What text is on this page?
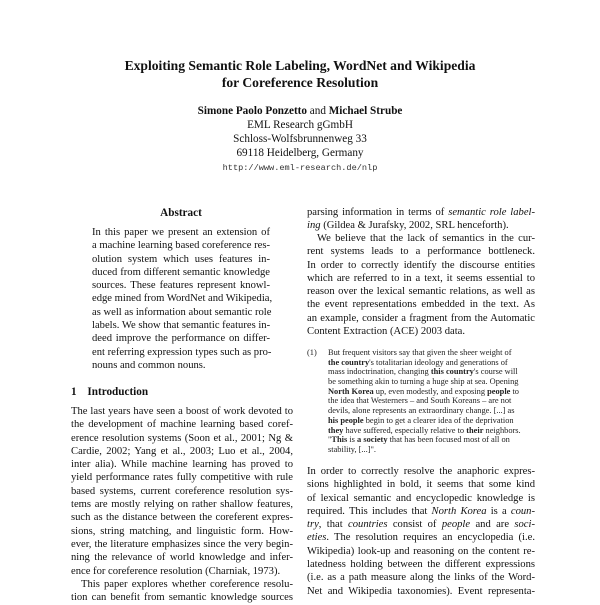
Exploiting Semantic Role Labeling, WordNet and Wikipedia
for Coreference Resolution
Simone Paolo Ponzetto and Michael Strube
EML Research gGmbH
Schloss-Wolfsbrunnenweg 33
69118 Heidelberg, Germany
http://www.eml-research.de/nlp
Abstract
In this paper we present an extension of
a machine learning based coreference res-
olution system which uses features in-
duced from different semantic knowledge
sources. These features represent knowl-
edge mined from WordNet and Wikipedia,
as well as information about semantic role
labels. We show that semantic features in-
deed improve the performance on differ-
ent referring expression types such as pro-
nouns and common nouns.
1 Introduction
The last years have seen a boost of work devoted to
the development of machine learning based coref-
erence resolution systems (Soon et al., 2001; Ng &
Cardie, 2002; Yang et al., 2003; Luo et al., 2004,
inter alia). While machine learning has proved to
yield performance rates fully competitive with rule
based systems, current coreference resolution sys-
tems are mostly relying on rather shallow features,
such as the distance between the coreferent expres-
sions, string matching, and linguistic form. How-
ever, the literature emphasizes since the very begin-
ning the relevance of world knowledge and infer-
ence for coreference resolution (Charniak, 1973).
This paper explores whether coreference resolu-
tion can benefit from semantic knowledge sources
parsing information in terms of semantic role label-
ing (Gildea & Jurafsky, 2002, SRL henceforth).
We believe that the lack of semantics in the cur-
rent systems leads to a performance bottleneck.
In order to correctly identify the discourse entities
which are referred to in a text, it seems essential to
reason over the lexical semantic relations, as well as
the event representations embedded in the text. As
an example, consider a fragment from the Automatic
Content Extraction (ACE) 2003 data.
(1) But frequent visitors say that given the sheer weight of
the country's totalitarian ideology and generations of
mass indoctrination, changing this country's course will
be something akin to turning a huge ship at sea. Opening
North Korea up, even modestly, and exposing people to
the idea that Westerners – and South Koreans – are not
devils, alone represents an extraordinary change. [...] as
his people begin to get a clearer idea of the deprivation
they have suffered, especially relative to their neighbors.
"This is a society that has been focused most of all on
stability, [...]".
In order to correctly resolve the anaphoric expres-
sions highlighted in bold, it seems that some kind
of lexical semantic and encyclopedic knowledge is
required. This includes that North Korea is a coun-
try, that countries consist of people and are soci-
eties. The resolution requires an encyclopedia (i.e.
Wikipedia) look-up and reasoning on the content re-
latedness holding between the different expressions
(i.e. as a path measure along the links of the Word-
Net and Wikipedia taxonomies). Event representa-
